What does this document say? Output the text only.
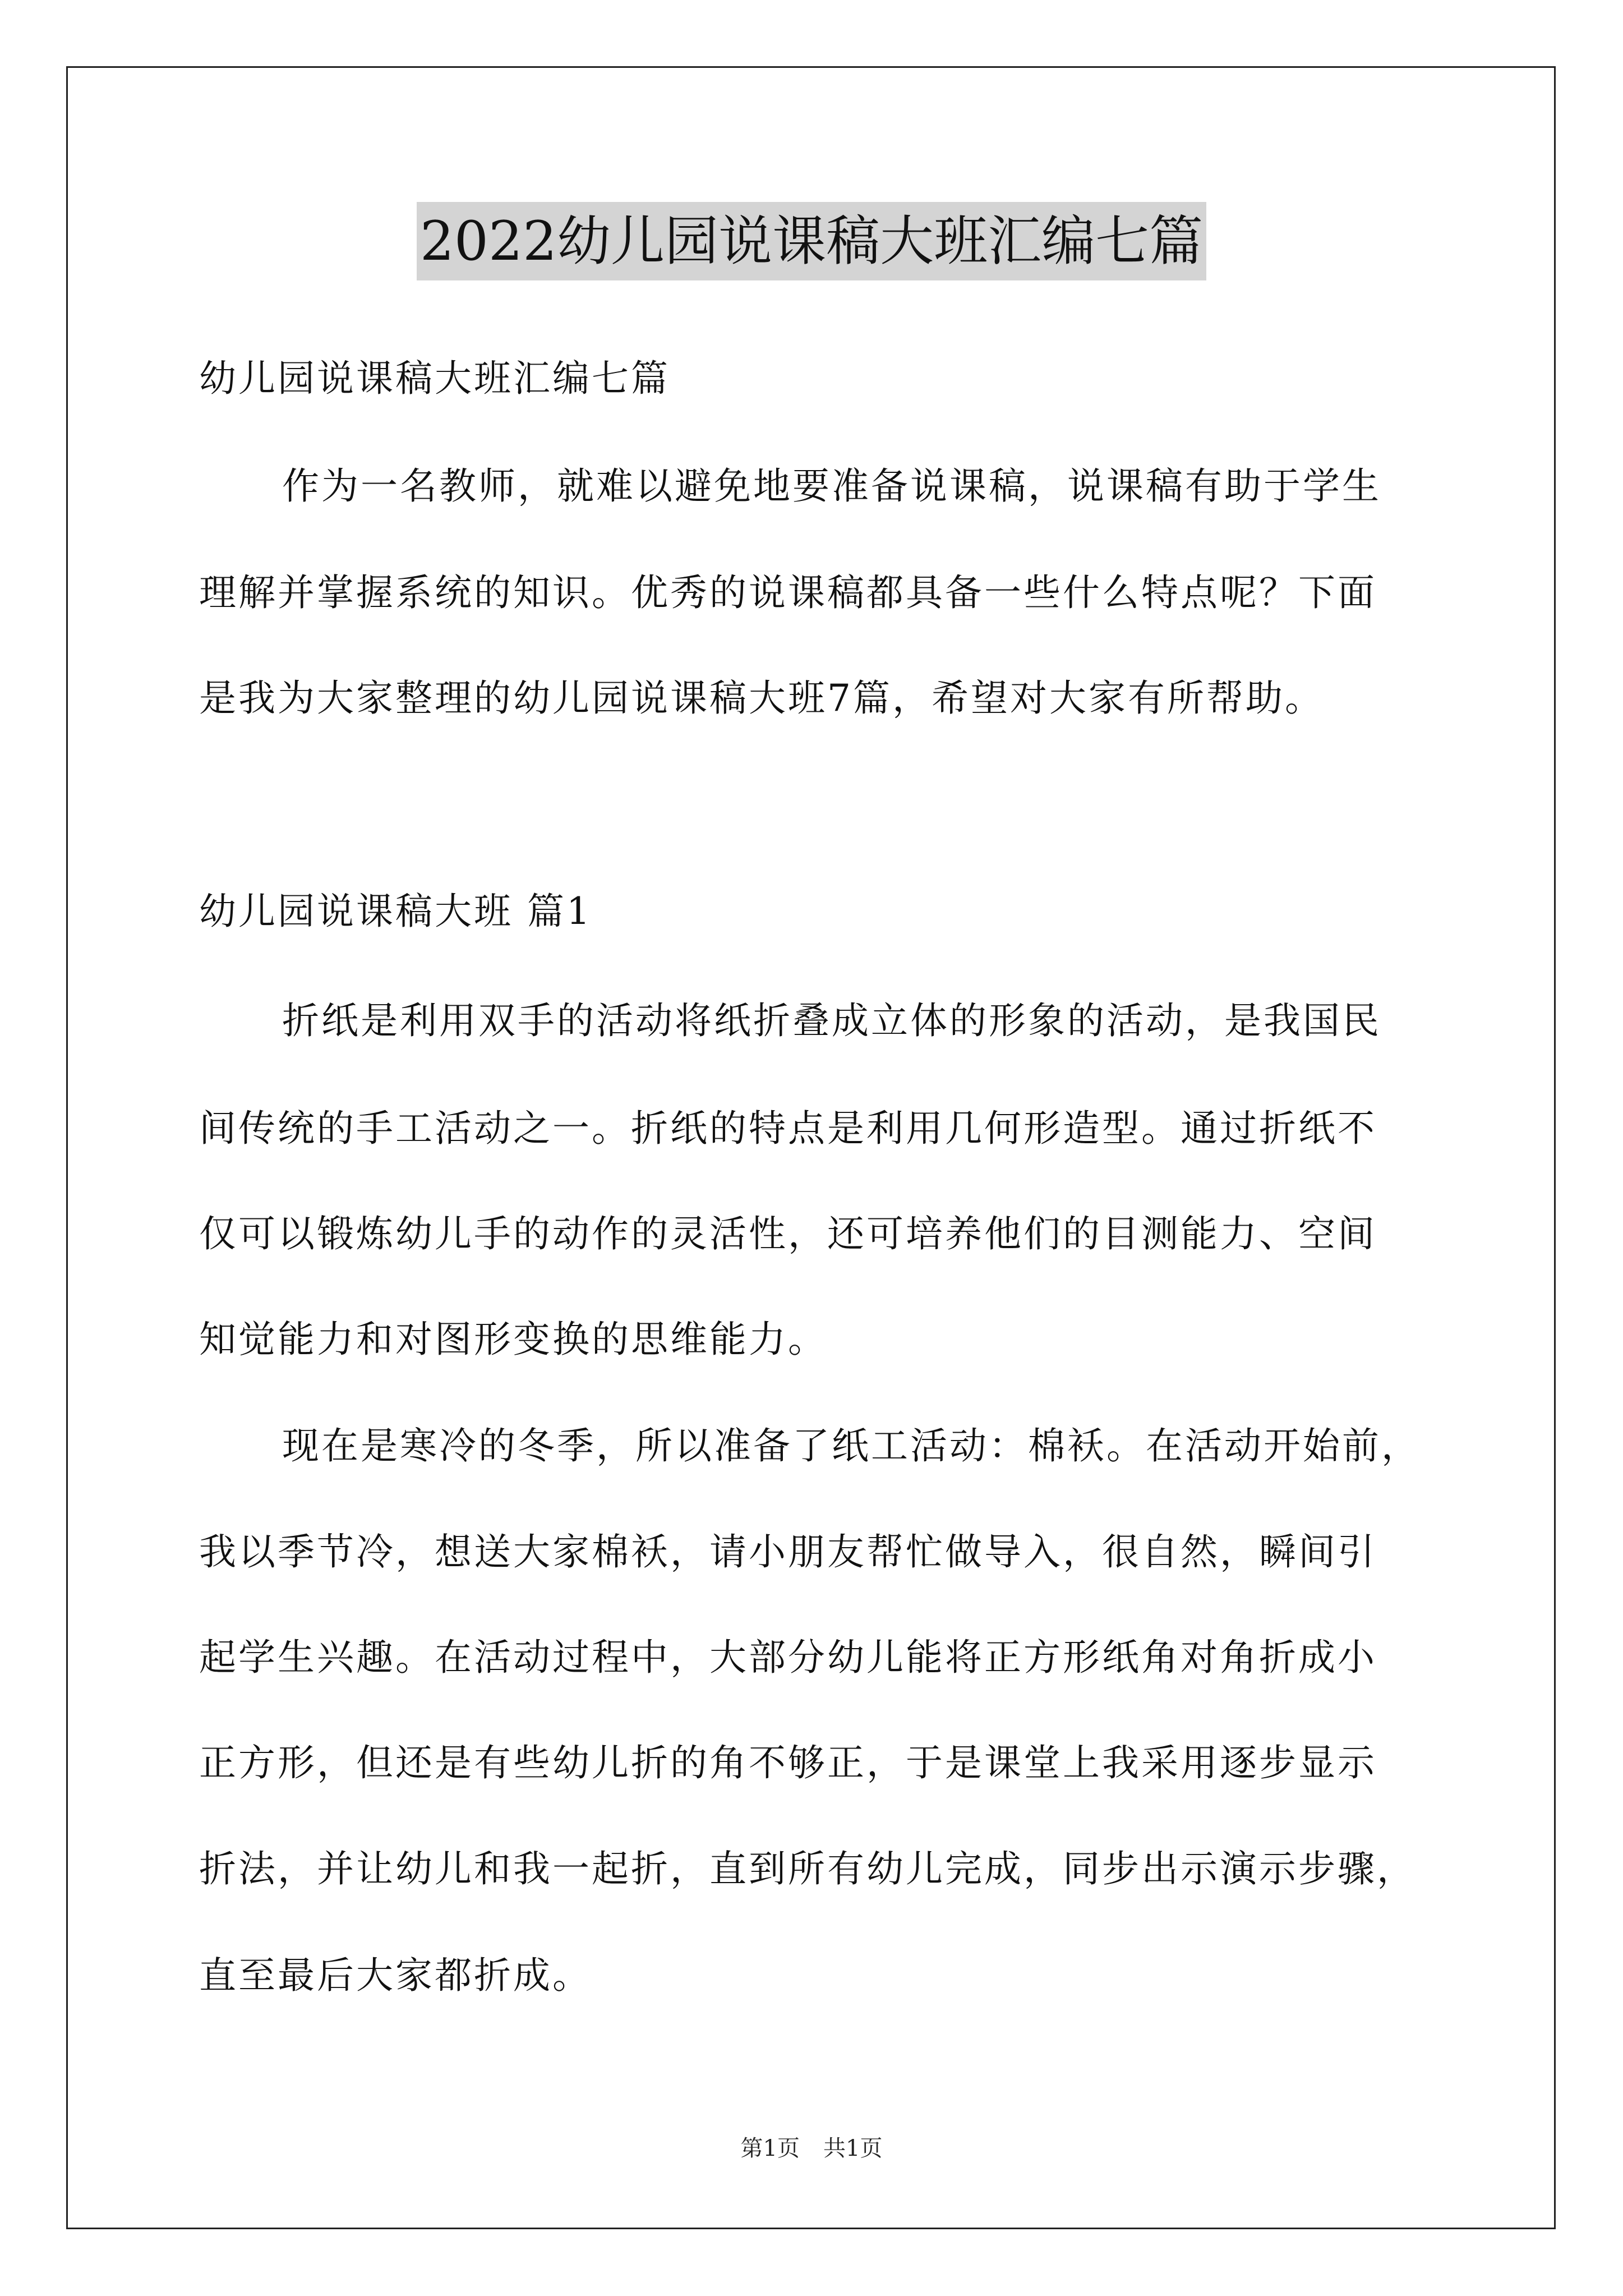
2022幼儿园说课稿大班汇编七篇
幼儿园说课稿大班汇编七篇
作为一名教师，就难以避免地要准备说课稿，说课稿有助于学生
理解并掌握系统的知识。优秀的说课稿都具备一些什么特点呢？下面
是我为大家整理的幼儿园说课稿大班7篇，希望对大家有所帮助。
幼儿园说课稿大班 篇1
折纸是利用双手的活动将纸折叠成立体的形象的活动，是我国民
间传统的手工活动之一。折纸的特点是利用几何形造型。通过折纸不
仅可以锻炼幼儿手的动作的灵活性，还可培养他们的目测能力、空间
知觉能力和对图形变换的思维能力。
现在是寒冷的冬季，所以准备了纸工活动：棉袄。在活动开始前，
我以季节冷，想送大家棉袄，请小朋友帮忙做导入，很自然，瞬间引
起学生兴趣。在活动过程中，大部分幼儿能将正方形纸角对角折成小
正方形，但还是有些幼儿折的角不够正，于是课堂上我采用逐步显示
折法，并让幼儿和我一起折，直到所有幼儿完成，同步出示演示步骤，
直至最后大家都折成。
第1页 共1页
